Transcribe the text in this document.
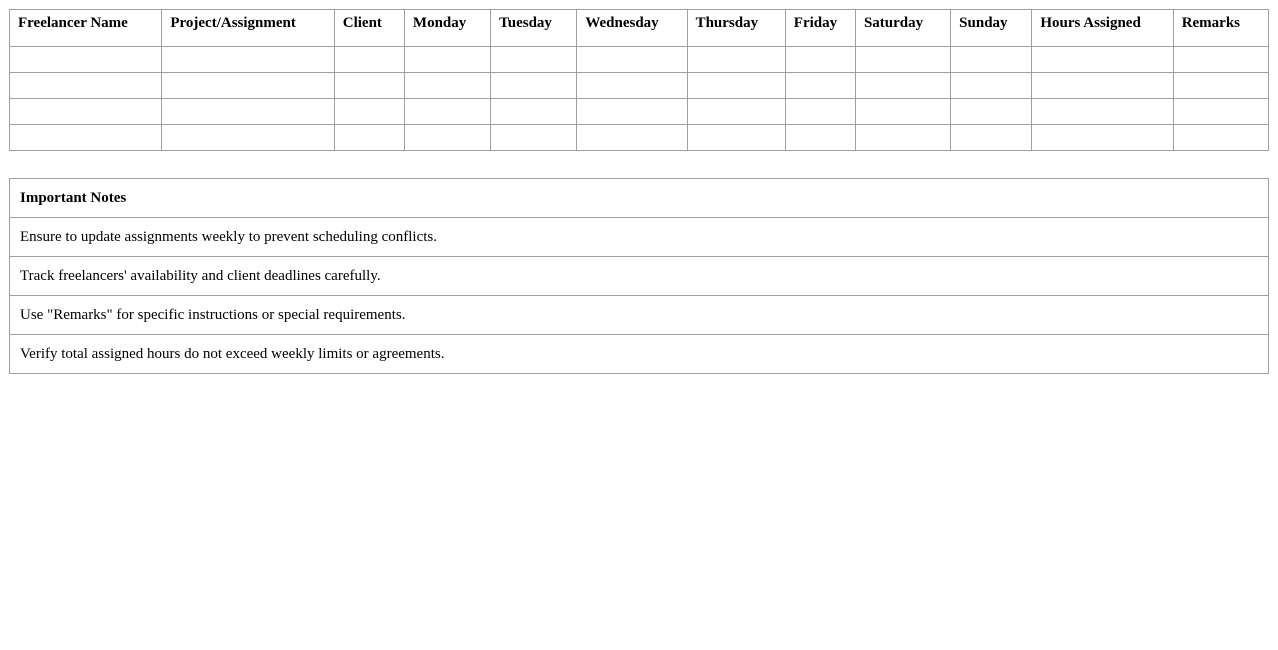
Freelancer Name	Project/Assignment	Client	Monday	Tuesday	Wednesday	Thursday	Friday	Saturday	Sunday	Hours Assigned	Remarks

Important Notes
Ensure to update assignments weekly to prevent scheduling conflicts.
Track freelancers' availability and client deadlines carefully.
Use "Remarks" for specific instructions or special requirements.
Verify total assigned hours do not exceed weekly limits or agreements.
